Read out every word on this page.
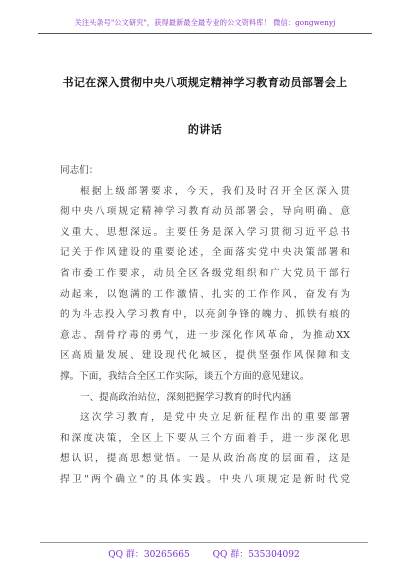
关注头条号"公文研究"，获得最新最全最专业的公文资料库！ 微信：gongwenyj
书记在深入贯彻中央八项规定精神学习教育动员部署会上
的讲话
同志们：
根据上级部署要求，今天，我们及时召开全区深入贯
彻中央八项规定精神学习教育动员部署会，导向明确、意
义重大、思想深远。主要任务是深入学习贯彻习近平总书
记关于作风建设的重要论述，全面落实党中央决策部署和
省市委工作要求，动员全区各级党组织和广大党员干部行
动起来，以饱满的工作激情、扎实的工作作风，奋发有为
的为斗志投入学习教育中，以亮剑争锋的魄力、抓铁有痕的
意志、刮骨疗毒的勇气，进一步深化作风革命，为推动XX
区高质量发展、建设现代化城区，提供坚强作风保障和支
撑。下面，我结合全区工作实际，谈五个方面的意见建议。
一、提高政治站位，深刻把握学习教育的时代内涵
这次学习教育，是党中央立足新征程作出的重要部署
和深度决策，全区上下要从三个方面着手，进一步深化思
想认识，提高思想觉悟。一是从政治高度的层面看，这是
捍卫"两个确立"的具体实践。中央八项规定是新时代党
QQ 群：30265665	QQ 群：535304092
